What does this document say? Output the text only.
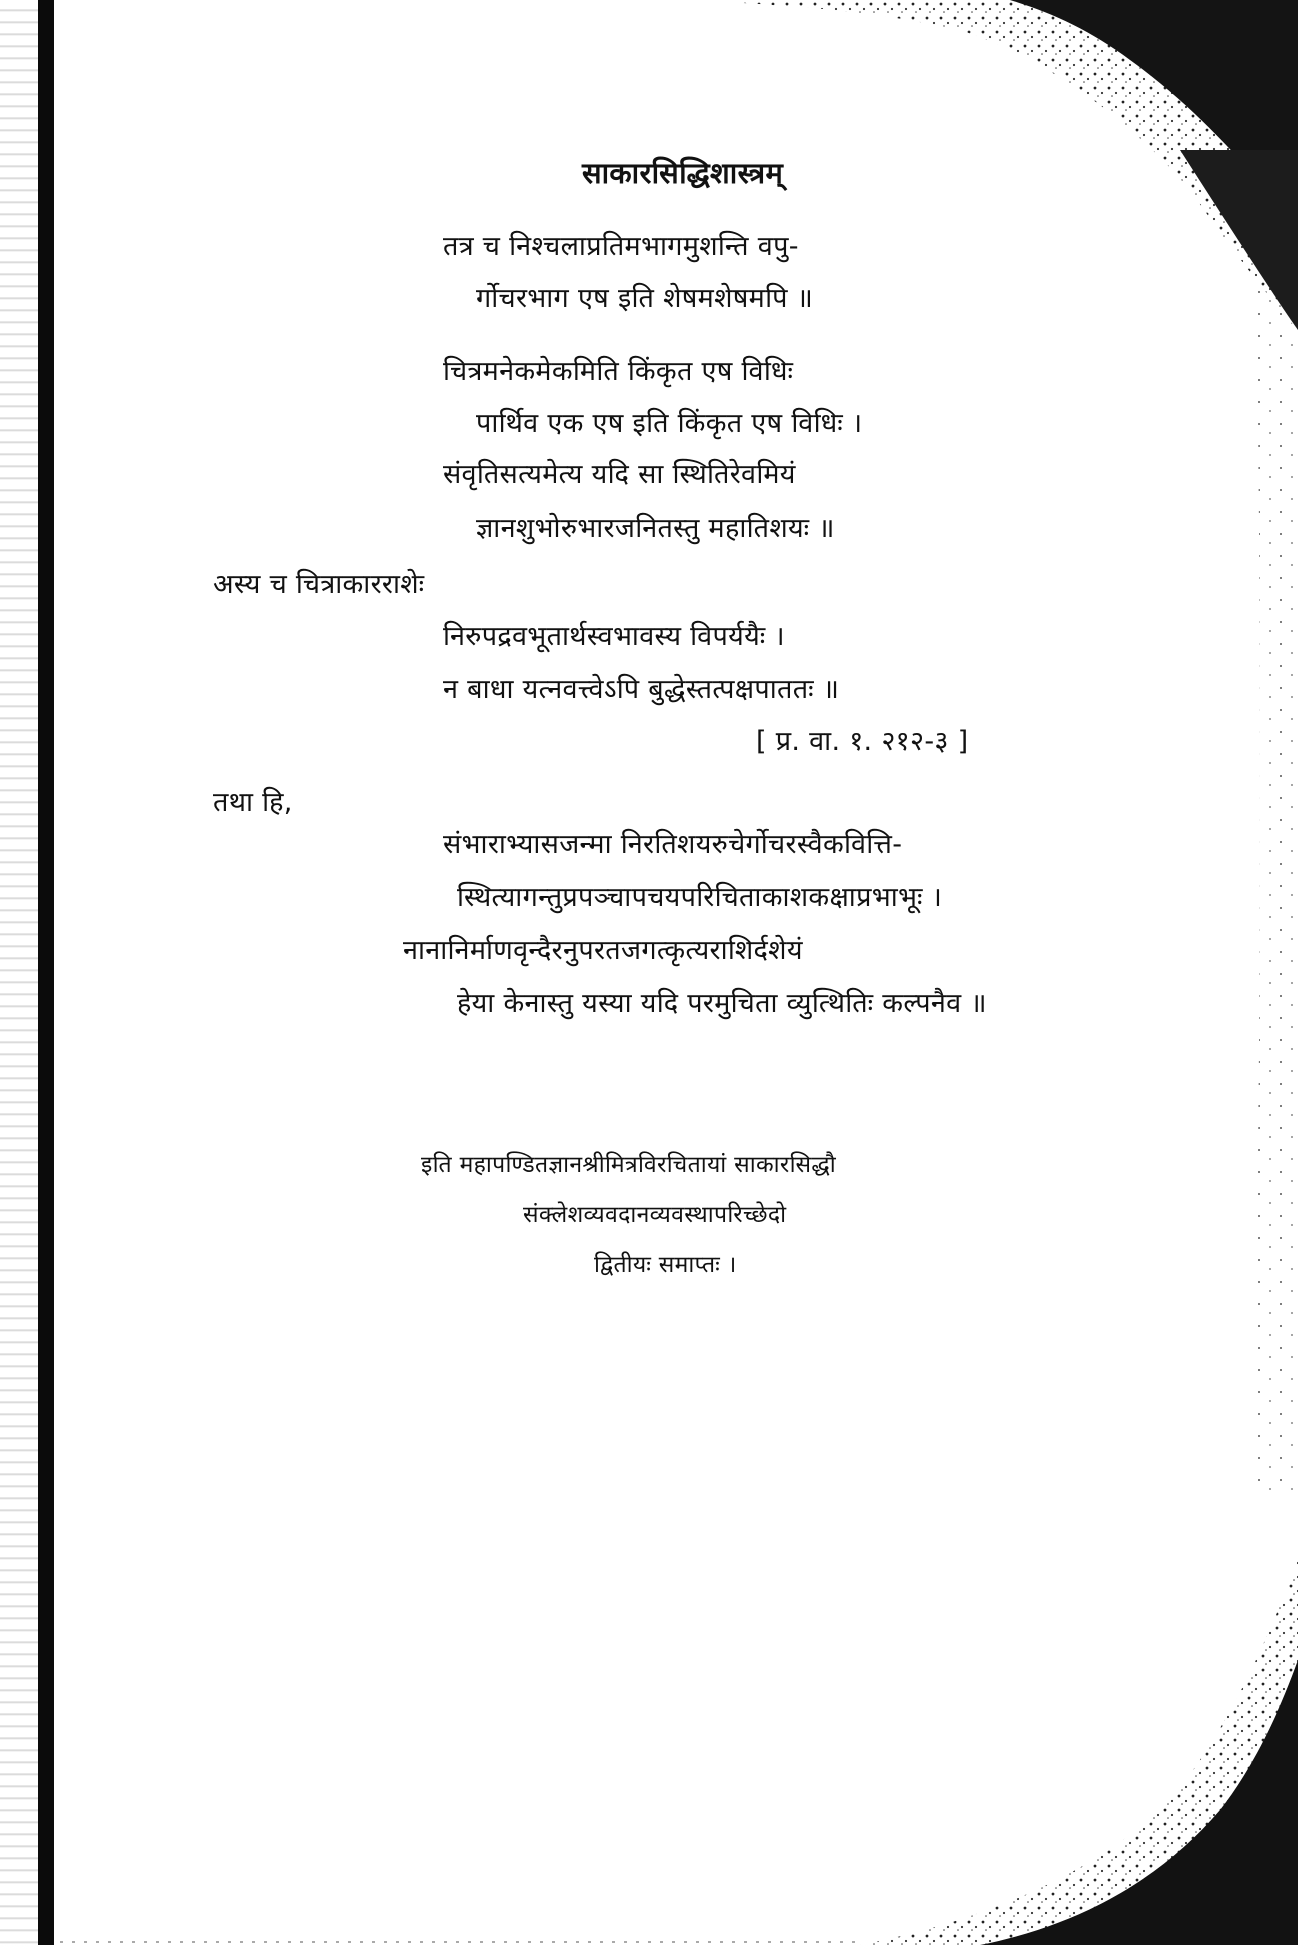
साकारसिद्धिशास्त्रम्
तत्र च निश्चलाप्रतिमभागमुशन्ति वपु-
र्गोचरभाग एष इति शेषमशेषमपि ॥
चित्रमनेकमेकमिति किंकृत एष विधिः
पार्थिव एक एष इति किंकृत एष विधिः ।
संवृतिसत्यमेत्य यदि सा स्थितिरेवमियं
ज्ञानशुभोरुभारजनितस्तु महातिशयः ॥
अस्य च चित्राकारराशेः
निरुपद्रवभूतार्थस्वभावस्य विपर्ययैः ।
न बाधा यत्नवत्त्वेऽपि बुद्धेस्तत्पक्षपाततः ॥
[ प्र. वा. १. २१२-३ ]
तथा हि,
संभाराभ्यासजन्मा निरतिशयरुचेर्गोचरस्वैकवित्ति-
स्थित्यागन्तुप्रपञ्चापचयपरिचिताकाशकक्षाप्रभाभूः ।
नानानिर्माणवृन्दैरनुपरतजगत्कृत्यराशिर्दशेयं
हेया केनास्तु यस्या यदि परमुचिता व्युत्थितिः कल्पनैव ॥
इति महापण्डितज्ञानश्रीमित्रविरचितायां साकारसिद्धौ
संक्लेशव्यवदानव्यवस्थापरिच्छेदो
द्वितीयः समाप्तः ।
